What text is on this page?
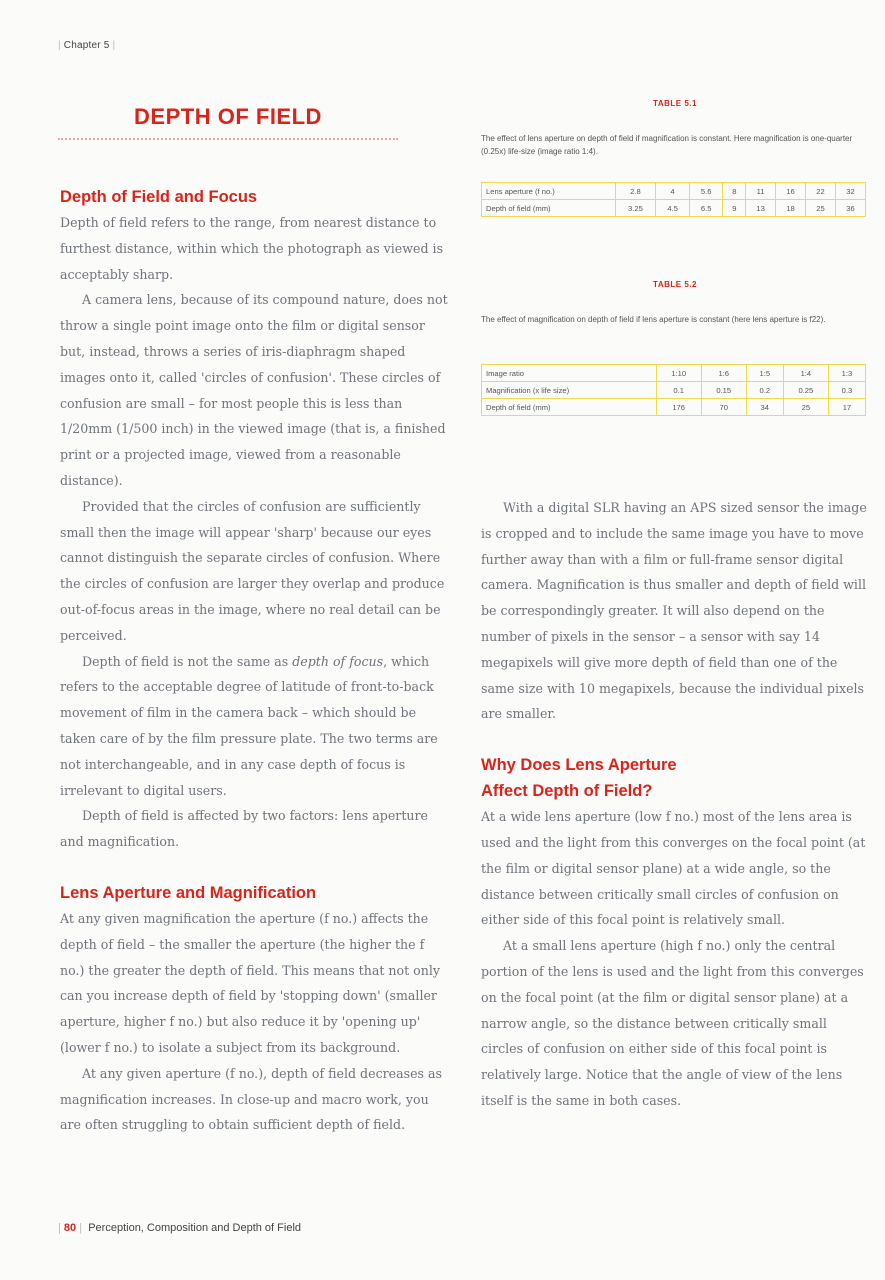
| Chapter 5 |
DEPTH OF FIELD
Depth of Field and Focus

Depth of field refers to the range, from nearest distance to furthest distance, within which the photograph as viewed is acceptably sharp.

A camera lens, because of its compound nature, does not throw a single point image onto the film or digital sensor but, instead, throws a series of iris-diaphragm shaped images onto it, called 'circles of confusion'. These circles of confusion are small – for most people this is less than 1/20mm (1/500 inch) in the viewed image (that is, a finished print or a projected image, viewed from a reasonable distance).

Provided that the circles of confusion are sufficiently small then the image will appear 'sharp' because our eyes cannot distinguish the separate circles of confusion. Where the circles of confusion are larger they overlap and produce out-of-focus areas in the image, where no real detail can be perceived.

Depth of field is not the same as depth of focus, which refers to the acceptable degree of latitude of front-to-back movement of film in the camera back – which should be taken care of by the film pressure plate. The two terms are not interchangeable, and in any case depth of focus is irrelevant to digital users.

Depth of field is affected by two factors: lens aperture and magnification.

Lens Aperture and Magnification

At any given magnification the aperture (f no.) affects the depth of field – the smaller the aperture (the higher the f no.) the greater the depth of field. This means that not only can you increase depth of field by 'stopping down' (smaller aperture, higher f no.) but also reduce it by 'opening up' (lower f no.) to isolate a subject from its background.

At any given aperture (f no.), depth of field decreases as magnification increases. In close-up and macro work, you are often struggling to obtain sufficient depth of field.

TABLE 5.1
The effect of lens aperture on depth of field if magnification is constant. Here magnification is one-quarter (0.25x) life-size (image ratio 1:4).
Lens aperture (f no.)	2.8	4	5.6	8	11	16	22	32
Depth of field (mm)	3.25	4.5	6.5	9	13	18	25	36
TABLE 5.2
The effect of magnification on depth of field if lens aperture is constant (here lens aperture is f22).
Image ratio	1:10	1:6	1:5	1:4	1:3
Magnification (x life size)	0.1	0.15	0.2	0.25	0.3
Depth of field (mm)	176	70	34	25	17

With a digital SLR having an APS sized sensor the image is cropped and to include the same image you have to move further away than with a film or full-frame sensor digital camera. Magnification is thus smaller and depth of field will be correspondingly greater. It will also depend on the number of pixels in the sensor – a sensor with say 14 megapixels will give more depth of field than one of the same size with 10 megapixels, because the individual pixels are smaller.

Why Does Lens Aperture
Affect Depth of Field?

At a wide lens aperture (low f no.) most of the lens area is used and the light from this converges on the focal point (at the film or digital sensor plane) at a wide angle, so the distance between critically small circles of confusion on either side of this focal point is relatively small.

At a small lens aperture (high f no.) only the central portion of the lens is used and the light from this converges on the focal point (at the film or digital sensor plane) at a narrow angle, so the distance between critically small circles of confusion on either side of this focal point is relatively large. Notice that the angle of view of the lens itself is the same in both cases.

| 80 | Perception, Composition and Depth of Field
